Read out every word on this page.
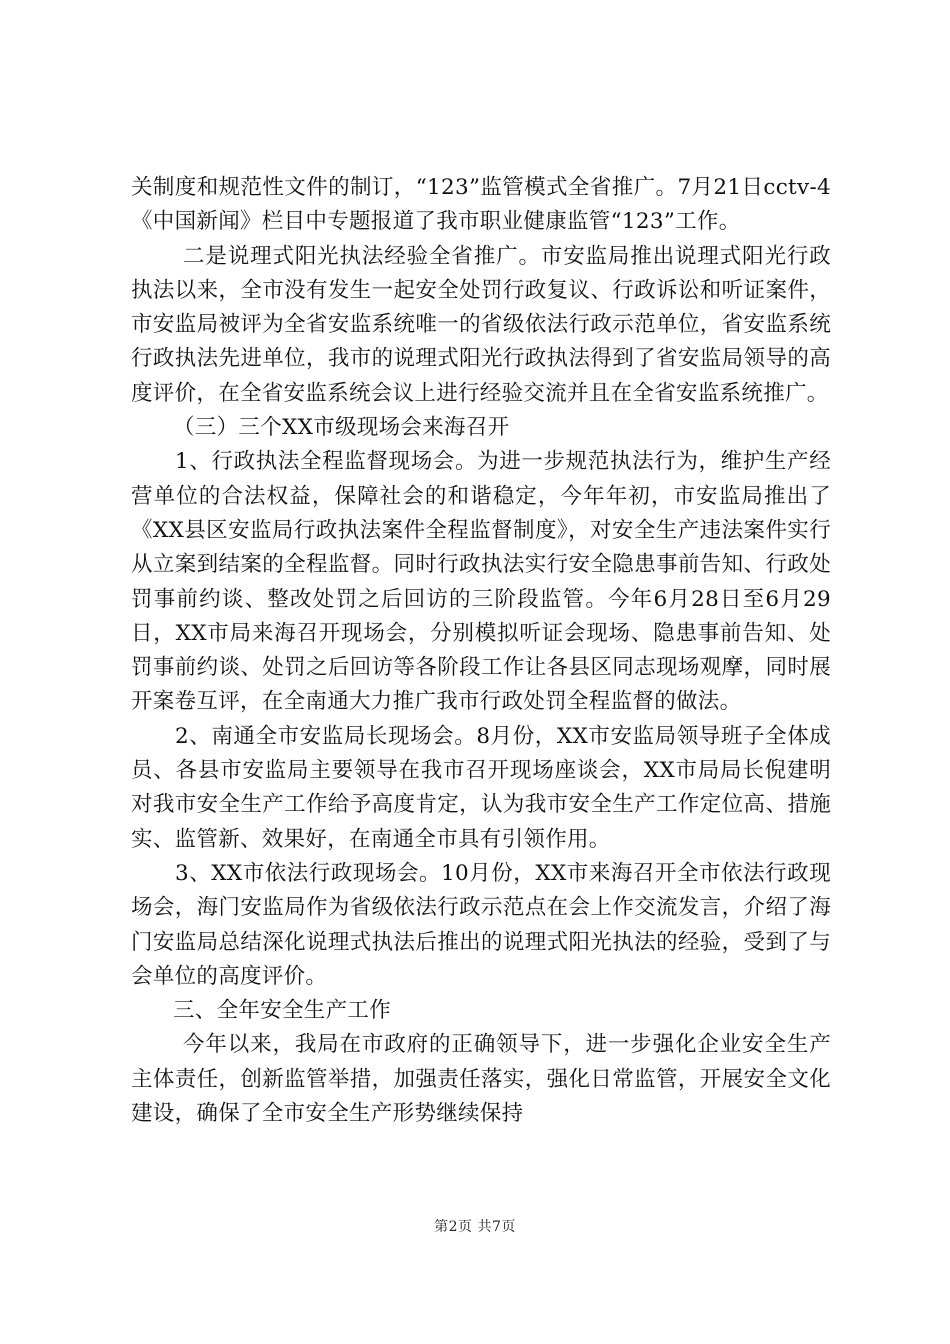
关制度和规范性文件的制订，“123”监管模式全省推广。7月21日cctv-4《中国新闻》栏目中专题报道了我市职业健康监管“123”工作。

二是说理式阳光执法经验全省推广。市安监局推出说理式阳光行政执法以来，全市没有发生一起安全处罚行政复议、行政诉讼和听证案件，市安监局被评为全省安监系统唯一的省级依法行政示范单位，省安监系统行政执法先进单位，我市的说理式阳光行政执法得到了省安监局领导的高度评价，在全省安监系统会议上进行经验交流并且在全省安监系统推广。

（三）三个XX市级现场会来海召开

1、行政执法全程监督现场会。为进一步规范执法行为，维护生产经营单位的合法权益，保障社会的和谐稳定，今年年初，市安监局推出了《XX县区安监局行政执法案件全程监督制度》，对安全生产违法案件实行从立案到结案的全程监督。同时行政执法实行安全隐患事前告知、行政处罚事前约谈、整改处罚之后回访的三阶段监管。今年6月28日至6月29日，XX市局来海召开现场会，分别模拟听证会现场、隐患事前告知、处罚事前约谈、处罚之后回访等各阶段工作让各县区同志现场观摩，同时展开案卷互评，在全南通大力推广我市行政处罚全程监督的做法。

2、南通全市安监局长现场会。8月份，XX市安监局领导班子全体成员、各县市安监局主要领导在我市召开现场座谈会，XX市局局长倪建明对我市安全生产工作给予高度肯定，认为我市安全生产工作定位高、措施实、监管新、效果好，在南通全市具有引领作用。

3、XX市依法行政现场会。10月份，XX市来海召开全市依法行政现场会，海门安监局作为省级依法行政示范点在会上作交流发言，介绍了海门安监局总结深化说理式执法后推出的说理式阳光执法的经验，受到了与会单位的高度评价。

三、全年安全生产工作

今年以来，我局在市政府的正确领导下，进一步强化企业安全生产主体责任，创新监管举措，加强责任落实，强化日常监管，开展安全文化建设，确保了全市安全生产形势继续保持

第2页 共7页
